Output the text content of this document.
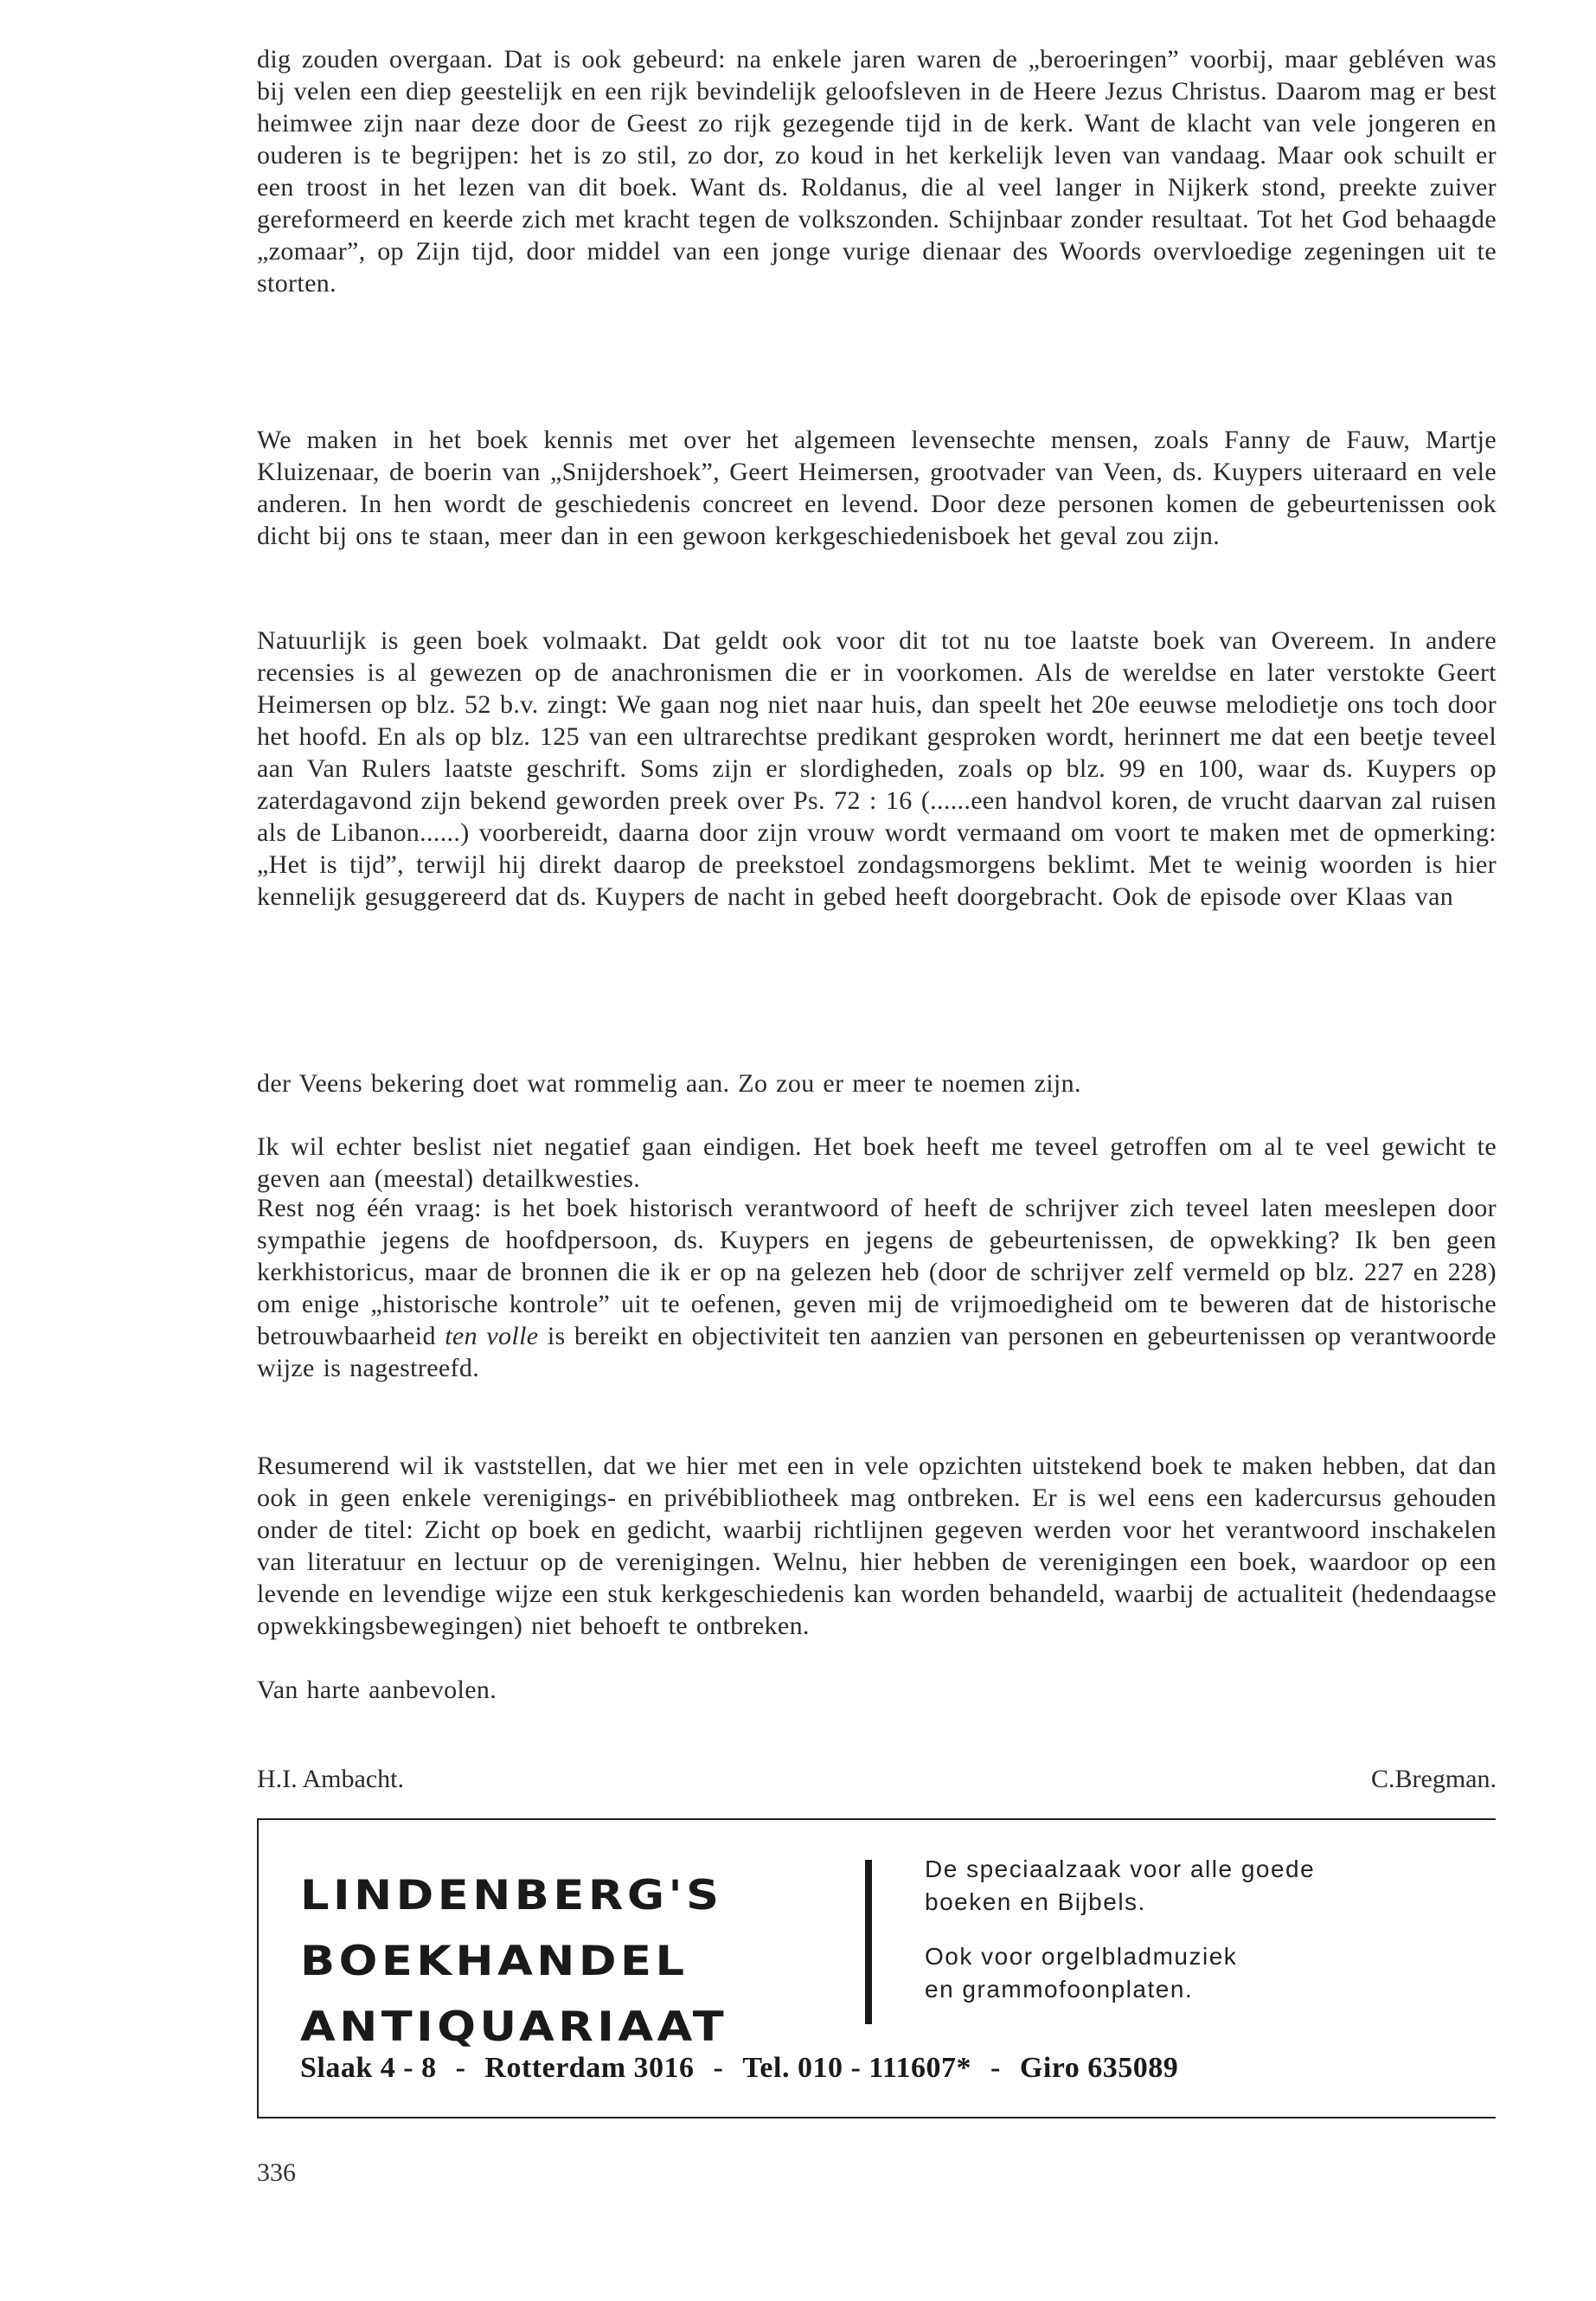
dig zouden overgaan. Dat is ook gebeurd: na enkele jaren waren de „beroeringen” voorbij, maar gebléven was bij velen een diep geestelijk en een rijk bevindelijk geloofsleven in de Heere Jezus Christus. Daarom mag er best heimwee zijn naar deze door de Geest zo rijk gezegende tijd in de kerk. Want de klacht van vele jongeren en ouderen is te begrijpen: het is zo stil, zo dor, zo koud in het kerkelijk leven van vandaag. Maar ook schuilt er een troost in het lezen van dit boek. Want ds. Roldanus, die al veel langer in Nijkerk stond, preekte zuiver gereformeerd en keerde zich met kracht tegen de volkszonden. Schijnbaar zonder resultaat. Tot het God behaagde „zomaar”, op Zijn tijd, door middel van een jonge vurige dienaar des Woords overvloedige zegeningen uit te storten.

We maken in het boek kennis met over het algemeen levensechte mensen, zoals Fanny de Fauw, Martje Kluizenaar, de boerin van „Snijdershoek”, Geert Heimersen, grootvader van Veen, ds. Kuypers uiteraard en vele anderen. In hen wordt de geschiedenis concreet en levend. Door deze personen komen de gebeurtenissen ook dicht bij ons te staan, meer dan in een gewoon kerkgeschiedenisboek het geval zou zijn.

Natuurlijk is geen boek volmaakt. Dat geldt ook voor dit tot nu toe laatste boek van Overeem. In andere recensies is al gewezen op de anachronismen die er in voorkomen. Als de wereldse en later verstokte Geert Heimersen op blz. 52 b.v. zingt: We gaan nog niet naar huis, dan speelt het 20e eeuwse melodietje ons toch door het hoofd. En als op blz. 125 van een ultrarechtse predikant gesproken wordt, herinnert me dat een beetje teveel aan Van Rulers laatste geschrift. Soms zijn er slordigheden, zoals op blz. 99 en 100, waar ds. Kuypers op zaterdagavond zijn bekend geworden preek over Ps. 72 : 16 (......een handvol koren, de vrucht daarvan zal ruisen als de Libanon......) voorbereidt, daarna door zijn vrouw wordt vermaand om voort te maken met de opmerking: „Het is tijd”, terwijl hij direkt daarop de preekstoel zondagsmorgens beklimt. Met te weinig woorden is hier kennelijk gesuggereerd dat ds. Kuypers de nacht in gebed heeft doorgebracht. Ook de episode over Klaas van

der Veens bekering doet wat rommelig aan. Zo zou er meer te noemen zijn.

Ik wil echter beslist niet negatief gaan eindigen. Het boek heeft me teveel getroffen om al te veel gewicht te geven aan (meestal) detailkwesties.

Rest nog één vraag: is het boek historisch verantwoord of heeft de schrijver zich teveel laten meeslepen door sympathie jegens de hoofdpersoon, ds. Kuypers en jegens de gebeurtenissen, de opwekking? Ik ben geen kerkhistoricus, maar de bronnen die ik er op na gelezen heb (door de schrijver zelf vermeld op blz. 227 en 228) om enige „historische kontrole” uit te oefenen, geven mij de vrijmoedigheid om te beweren dat de historische betrouwbaarheid ten volle is bereikt en objectiviteit ten aanzien van personen en gebeurtenissen op verantwoorde wijze is nagestreefd.

Resumerend wil ik vaststellen, dat we hier met een in vele opzichten uitstekend boek te maken hebben, dat dan ook in geen enkele verenigings- en privébibliotheek mag ontbreken. Er is wel eens een kadercursus gehouden onder de titel: Zicht op boek en gedicht, waarbij richtlijnen gegeven werden voor het verantwoord inschakelen van literatuur en lectuur op de verenigingen. Welnu, hier hebben de verenigingen een boek, waardoor op een levende en levendige wijze een stuk kerkgeschiedenis kan worden behandeld, waarbij de actualiteit (hedendaagse opwekkingsbewegingen) niet behoeft te ontbreken.

Van harte aanbevolen.

H.I. Ambacht.	C.Bregman.
LINDENBERG'S
BOEKHANDEL
ANTIQUARIAAT
De speciaalzaak voor alle goede
boeken en Bijbels.
Ook voor orgelbladmuziek
en grammofoonplaten.
Slaak 4 - 8 - Rotterdam 3016 - Tel. 010 - 111607* - Giro 635089
336
